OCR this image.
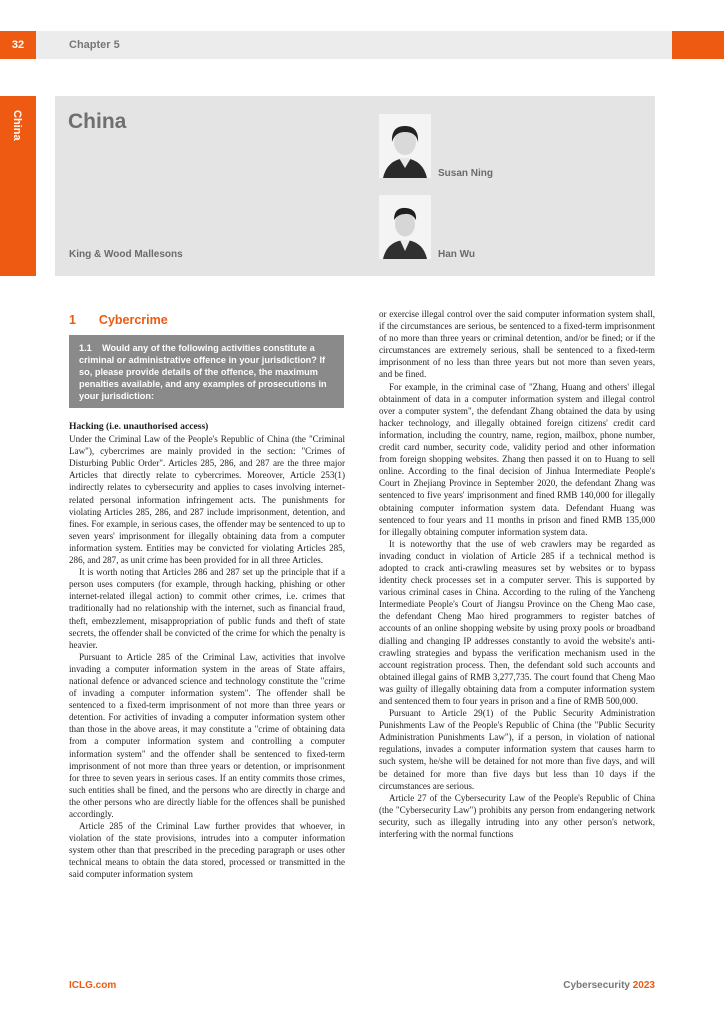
32	Chapter 5
China China
King & Wood Mallesons
Susan Ning
Han Wu
1 Cybercrime
1.1 Would any of the following activities constitute a criminal or administrative offence in your jurisdiction? If so, please provide details of the offence, the maximum penalties available, and any examples of prosecutions in your jurisdiction:

Hacking (i.e. unauthorised access)

Under the Criminal Law of the People's Republic of China (the "Criminal Law"), cybercrimes are mainly provided in the section: "Crimes of Disturbing Public Order". Articles 285, 286, and 287 are the three major Articles that directly relate to cybercrimes. Moreover, Article 253(1) indirectly relates to cybersecurity and applies to cases involving internet-related personal information infringement acts. The punishments for violating Articles 285, 286, and 287 include imprisonment, detention, and fines. For example, in serious cases, the offender may be sentenced to up to seven years' imprisonment for illegally obtaining data from a computer information system. Entities may be convicted for violating Articles 285, 286, and 287, as unit crime has been provided for in all three Articles.

It is worth noting that Articles 286 and 287 set up the principle that if a person uses computers (for example, through hacking, phishing or other internet-related illegal action) to commit other crimes, i.e. crimes that traditionally had no relationship with the internet, such as financial fraud, theft, embezzlement, misappropriation of public funds and theft of state secrets, the offender shall be convicted of the crime for which the penalty is heavier.

Pursuant to Article 285 of the Criminal Law, activities that involve invading a computer information system in the areas of State affairs, national defence or advanced science and technology constitute the "crime of invading a computer information system". The offender shall be sentenced to a fixed-term imprisonment of not more than three years or detention. For activities of invading a computer information system other than those in the above areas, it may constitute a "crime of obtaining data from a computer information system and controlling a computer information system" and the offender shall be sentenced to fixed-term imprisonment of not more than three years or detention, or imprisonment for three to seven years in serious cases. If an entity commits those crimes, such entities shall be fined, and the persons who are directly in charge and the other persons who are directly liable for the offences shall be punished accordingly.

Article 285 of the Criminal Law further provides that whoever, in violation of the state provisions, intrudes into a computer information system other than that prescribed in the preceding paragraph or uses other technical means to obtain the data stored, processed or transmitted in the said computer information system

or exercise illegal control over the said computer information system shall, if the circumstances are serious, be sentenced to a fixed-term imprisonment of no more than three years or criminal detention, and/or be fined; or if the circumstances are extremely serious, shall be sentenced to a fixed-term imprisonment of no less than three years but not more than seven years, and be fined.

For example, in the criminal case of "Zhang, Huang and others' illegal obtainment of data in a computer information system and illegal control over a computer system", the defendant Zhang obtained the data by using hacker technology, and illegally obtained foreign citizens' credit card information, including the country, name, region, mailbox, phone number, credit card number, security code, validity period and other information from foreign shopping websites. Zhang then passed it on to Huang to sell online. According to the final decision of Jinhua Intermediate People's Court in Zhejiang Province in September 2020, the defendant Zhang was sentenced to five years' imprisonment and fined RMB 140,000 for illegally obtaining computer information system data. Defendant Huang was sentenced to four years and 11 months in prison and fined RMB 135,000 for illegally obtaining computer information system data.

It is noteworthy that the use of web crawlers may be regarded as invading conduct in violation of Article 285 if a technical method is adopted to crack anti-crawling measures set by websites or to bypass identity check processes set in a computer server. This is supported by various criminal cases in China. According to the ruling of the Yancheng Intermediate People's Court of Jiangsu Province on the Cheng Mao case, the defendant Cheng Mao hired programmers to register batches of accounts of an online shopping website by using proxy pools or broadband dialling and changing IP addresses constantly to avoid the website's anti-crawling strategies and bypass the verification mechanism used in the account registration process. Then, the defendant sold such accounts and obtained illegal gains of RMB 3,277,735. The court found that Cheng Mao was guilty of illegally obtaining data from a computer information system and sentenced them to four years in prison and a fine of RMB 500,000.

Pursuant to Article 29(1) of the Public Security Administration Punishments Law of the People's Republic of China (the "Public Security Administration Punishments Law"), if a person, in violation of national regulations, invades a computer information system that causes harm to such system, he/she will be detained for not more than five days, and will be detained for more than five days but less than 10 days if the circumstances are serious.

Article 27 of the Cybersecurity Law of the People's Republic of China (the "Cybersecurity Law") prohibits any person from endangering network security, such as illegally intruding into any other person's network, interfering with the normal functions

ICLG.com	Cybersecurity 2023
